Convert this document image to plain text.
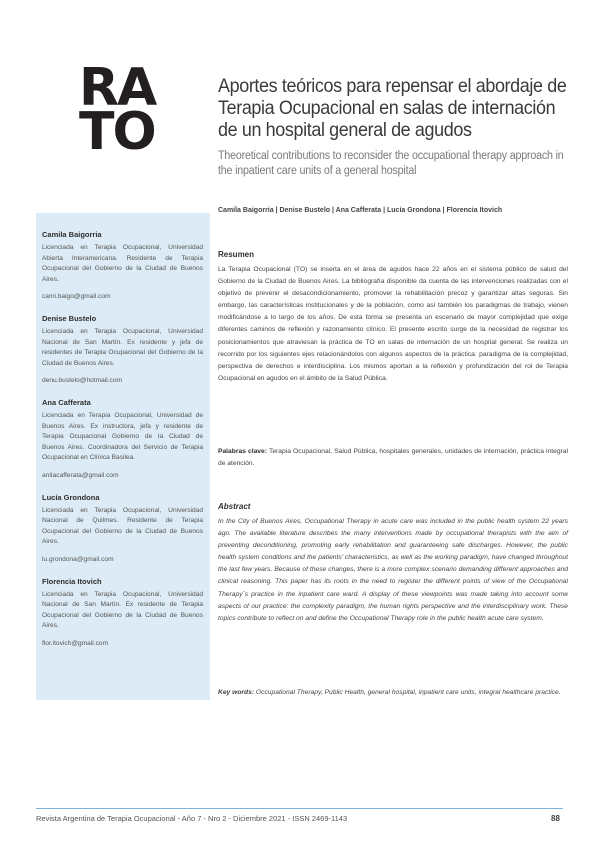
RA
TO
Aportes teóricos para repensar el abordaje de Terapia Ocupacional en salas de internación de un hospital general de agudos
Theoretical contributions to reconsider the occupational therapy approach in the inpatient care units of a general hospital
Camila Baigorria | Denise Bustelo | Ana Cafferata | Lucía Grondona | Florencia Itovich
Camila Baigorria
Licenciada en Terapia Ocupacional, Universidad Abierta Interamericana. Residente de Terapia Ocupacional del Gobierno de la Ciudad de Buenos Aires.
cami.baigo@gmail.com
Denise Bustelo
Licenciada en Terapia Ocupacional, Universidad Nacional de San Martín. Ex residente y jefa de residentes de Terapia Ocupacional del Gobierno de la Ciudad de Buenos Aires.
denu.bustelo@hotmail.com
Ana Cafferata
Licenciada en Terapia Ocupacional, Universidad de Buenos Aires. Ex instructora, jefa y residente de Terapia Ocupacional Gobierno de la Ciudad de Buenos Aires. Coordinadora del Servicio de Terapia Ocupacional en Clínica Basilea.
anitacafferata@gmail.com
Lucía Grondona
Licenciada en Terapia Ocupacional, Universidad Nacional de Quilmes. Residente de Terapia Ocupacional del Gobierno de la Ciudad de Buenos Aires.
lu.grondona@gmail.com
Florencia Itovich
Licenciada en Terapia Ocupacional, Universidad Nacional de San Martín. Ex residente de Terapia Ocupacional del Gobierno de la Ciudad de Buenos Aires.
flor.itovich@gmail.com
Resumen
La Terapia Ocupacional (TO) se inserta en el área de agudos hace 22 años en el sistema público de salud del Gobierno de la Ciudad de Buenos Aires. La bibliografía disponible da cuenta de las intervenciones realizadas con el objetivo de prevenir el desacondicionamiento, promover la rehabilitación precoz y garantizar altas seguras. Sin embargo, las características institucionales y de la población, como así también los paradigmas de trabajo, vienen modificándose a lo largo de los años. De esta forma se presenta un escenario de mayor complejidad que exige diferentes caminos de reflexión y razonamiento clínico. El presente escrito surge de la necesidad de registrar los posicionamientos que atraviesan la práctica de TO en salas de internación de un hospital general. Se realiza un recorrido por los siguientes ejes relacionándolos con algunos aspectos de la práctica: paradigma de la complejidad, perspectiva de derechos e interdisciplina. Los mismos aportan a la reflexión y profundización del rol de Terapia Ocupacional en agudos en el ámbito de la Salud Pública.
Palabras clave: Terapia Ocupacional, Salud Pública, hospitales generales, unidades de internación, práctica integral de atención.
Abstract
In the City of Buenos Aires, Occupational Therapy in acute care was included in the public health system 22 years ago. The available literature describes the many interventions made by occupational therapists with the aim of preventing deconditioning, promoting early rehabilitation and guaranteeing safe discharges. However, the public health system conditions and the patients’ characteristics, as well as the working paradigm, have changed throughout the last few years. Because of these changes, there is a more complex scenario demanding different approaches and clinical reasoning. This paper has its roots in the need to register the different points of view of the Occupational Therapy´s practice in the inpatient care ward. A display of these viewpoints was made taking into account some aspects of our practice: the complexity paradigm, the human rights perspective and the interdisciplinary work. These topics contribute to reflect on and define the Occupational Therapy role in the public health acute care system.
Key words: Occupational Therapy, Public Health, general hospital, inpatient care units, integral healthcare practice.
Revista Argentina de Terapia Ocupacional - Año 7 - Nro 2 - Diciembre 2021 - ISSN 2469-1143	88
